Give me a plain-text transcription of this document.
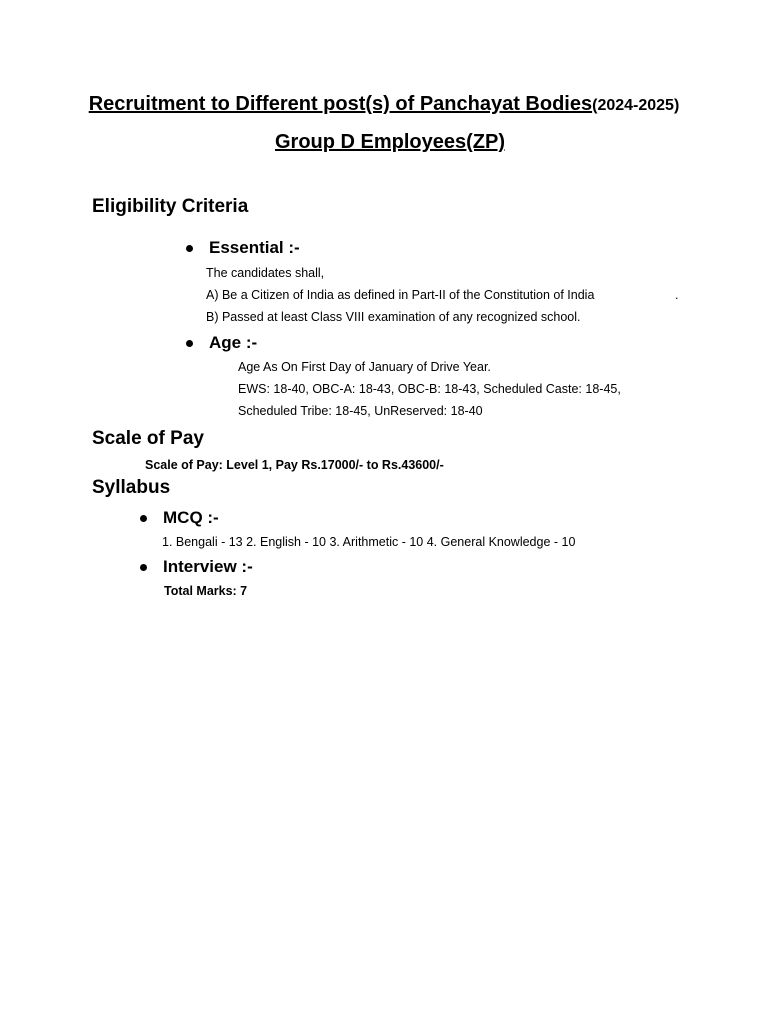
Recruitment to Different post(s) of Panchayat Bodies(2024-2025)
Group D Employees(ZP)
Eligibility Criteria
Essential :-
The candidates shall,
A) Be a Citizen of India as defined in Part-II of the Constitution of India	.
B) Passed at least Class VIII examination of any recognized school.
Age :-
Age As On First Day of January of Drive Year.
EWS: 18-40, OBC-A: 18-43, OBC-B: 18-43, Scheduled Caste: 18-45,
Scheduled Tribe: 18-45, UnReserved: 18-40
Scale of Pay
Scale of Pay: Level 1, Pay Rs.17000/- to Rs.43600/-
Syllabus
MCQ :-
1. Bengali - 13 2. English - 10 3. Arithmetic - 10 4. General Knowledge - 10
Interview :-
Total Marks: 7
